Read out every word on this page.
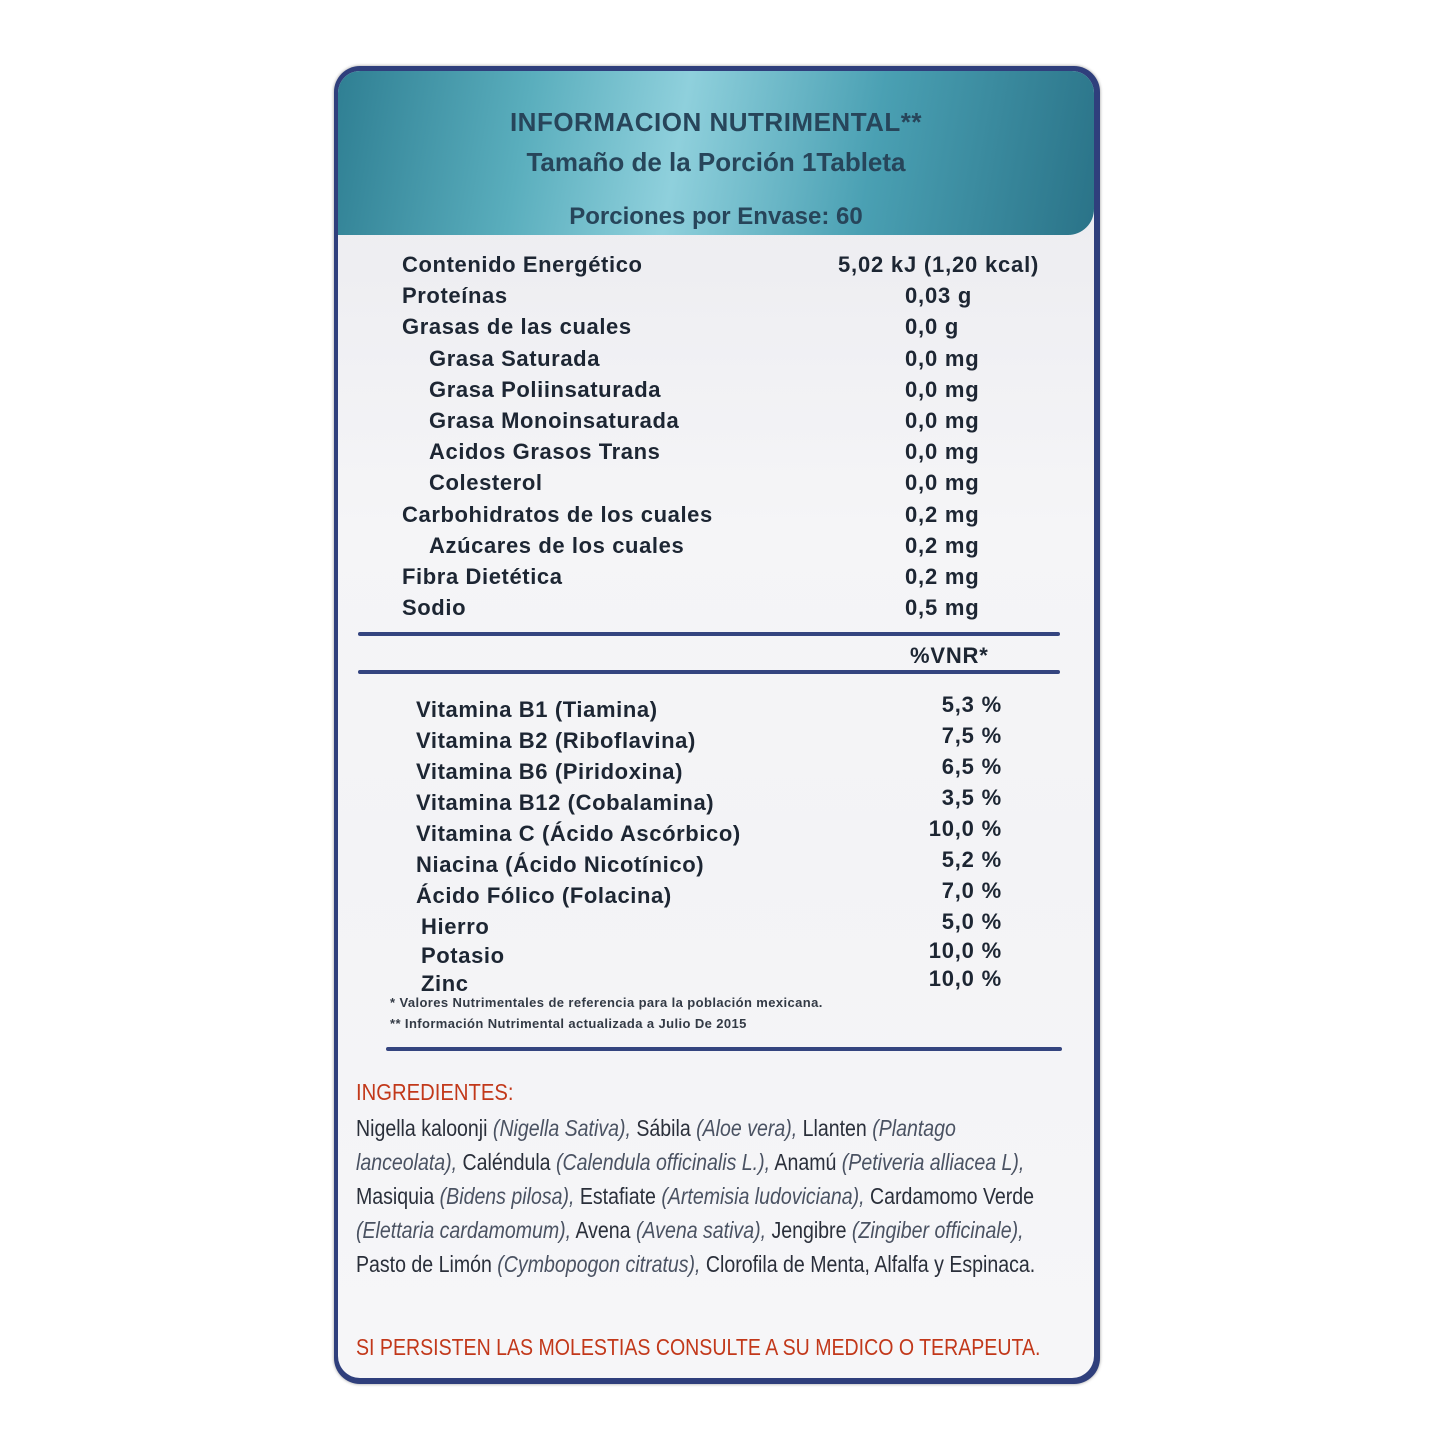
INFORMACION NUTRIMENTAL**
Tamaño de la Porción 1Tableta
Porciones por Envase: 60
Contenido Energético	5,02 kJ (1,20 kcal)
Proteínas	0,03 g
Grasas de las cuales	0,0 g
Grasa Saturada	0,0 mg
Grasa Poliinsaturada	0,0 mg
Grasa Monoinsaturada	0,0 mg
Acidos Grasos Trans	0,0 mg
Colesterol	0,0 mg
Carbohidratos de los cuales	0,2 mg
Azúcares de los cuales	0,2 mg
Fibra Dietética	0,2 mg
Sodio	0,5 mg
%VNR*
Vitamina B1 (Tiamina)	5,3 %
Vitamina B2 (Riboflavina)	7,5 %
Vitamina B6 (Piridoxina)	6,5 %
Vitamina B12 (Cobalamina)	3,5 %
Vitamina C (Ácido Ascórbico)	10,0 %
Niacina (Ácido Nicotínico)	5,2 %
Ácido Fólico (Folacina)	7,0 %
Hierro	5,0 %
Potasio	10,0 %
Zinc	10,0 %
* Valores Nutrimentales de referencia para la población mexicana.
** Información Nutrimental actualizada a Julio De 2015
INGREDIENTES:
Nigella kaloonji (Nigella Sativa), Sábila (Aloe vera), Llanten (Plantago lanceolata), Caléndula (Calendula officinalis L.), Anamú (Petiveria alliacea L), Masiquia (Bidens pilosa), Estafiate (Artemisia ludoviciana), Cardamomo Verde (Elettaria cardamomum), Avena (Avena sativa), Jengibre (Zingiber officinale), Pasto de Limón (Cymbopogon citratus), Clorofila de Menta, Alfalfa y Espinaca.
SI PERSISTEN LAS MOLESTIAS CONSULTE A SU MEDICO O TERAPEUTA.
